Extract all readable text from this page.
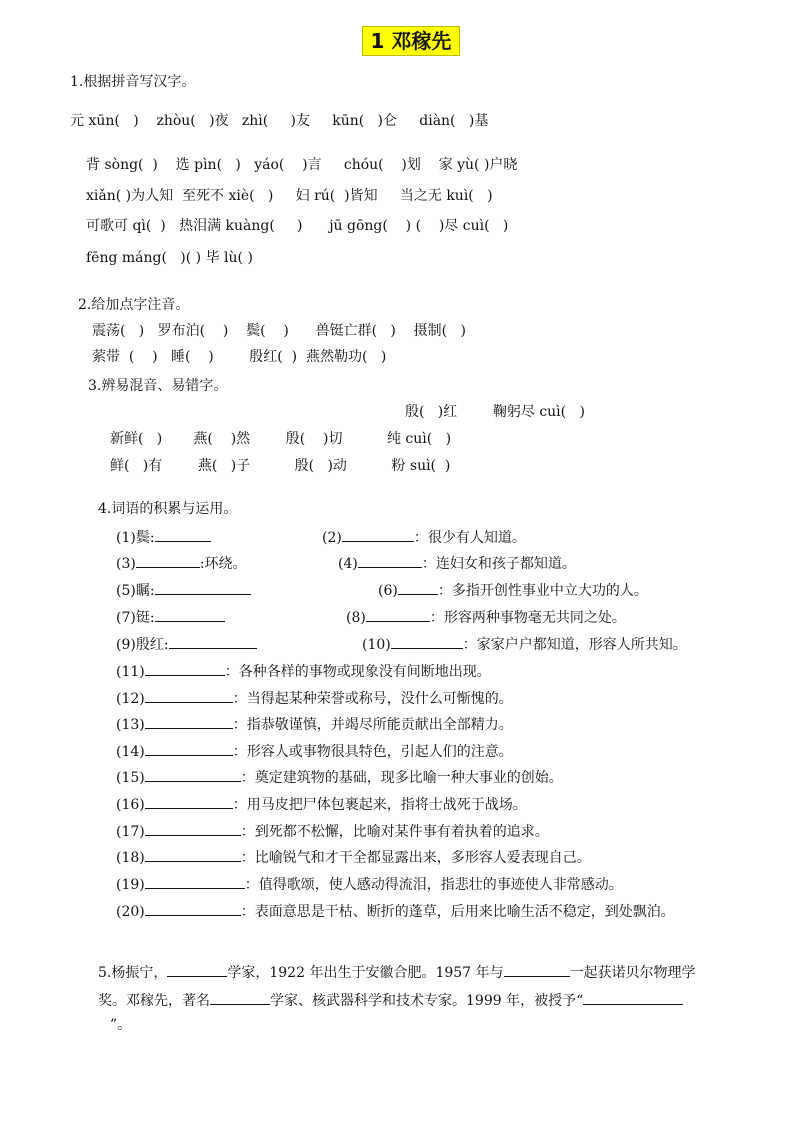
1 邓稼先
1.根据拼音写汉字。
元 xūn(   )    zhòu(   )夜   zhì(     )友     kūn(   )仑     diàn(   )基
背 sòng(  )    选 pìn(   )   yáo(    )言     chóu(    )划    家 yù( )户晓
xiǎn( )为人知  至死不 xiè(   )     妇 rú(  )皆知     当之无 kuì(   )
可歌可 qì(  )   热泪满 kuàng(     )      jū gōng(    ) (    )尽 cuì(   )
fēng máng(   )( ) 毕 lù( )
2.给加点字注音。
震荡(   )   罗布泊(    )    鬓(    )      兽铤亡群(   )    摄制(   )
萦带  (    )   睡(    )        殷红(  )  燕然勒功(   )
3.辨易混音、易错字。
殷(   )红        鞠躬尽 cuì(   )
新鲜(   )       燕(    )然        殷(    )切          纯 cuì(   )
鲜(   )有        燕(   )子          殷(   )动          粉 suì(  )
4.词语的积累与运用。
(1)鬓:	(2)	：很少有人知道。
(3)	:环绕。	(4)	：连妇女和孩子都知道。
(5)瞩:	(6)	：多指开创性事业中立大功的人。
(7)铤:	(8)	：形容两种事物毫无共同之处。
(9)殷红:	(10)	：家家户户都知道，形容人所共知。
(11)	：各种各样的事物或现象没有间断地出现。
(12)	：当得起某种荣誉或称号，没什么可惭愧的。
(13)	：指恭敬谨慎，并竭尽所能贡献出全部精力。
(14)	：形容人或事物很具特色，引起人们的注意。
(15)	：奠定建筑物的基础，现多比喻一种大事业的创始。
(16)	：用马皮把尸体包裹起来，指将士战死于战场。
(17)	：到死都不松懈，比喻对某件事有着执着的追求。
(18)	：比喻锐气和才干全都显露出来，多形容人爱表现自己。
(19)	：值得歌颂，使人感动得流泪，指悲壮的事迹使人非常感动。
(20)	：表面意思是干枯、断折的蓬草，后用来比喻生活不稳定，到处飘泊。
5.杨振宁，	学家，1922 年出生于安徽合肥。1957 年与	一起获诺贝尔物理学
奖。邓稼先，著名	学家、核武器科学和技术专家。1999 年，被授予“
”。
